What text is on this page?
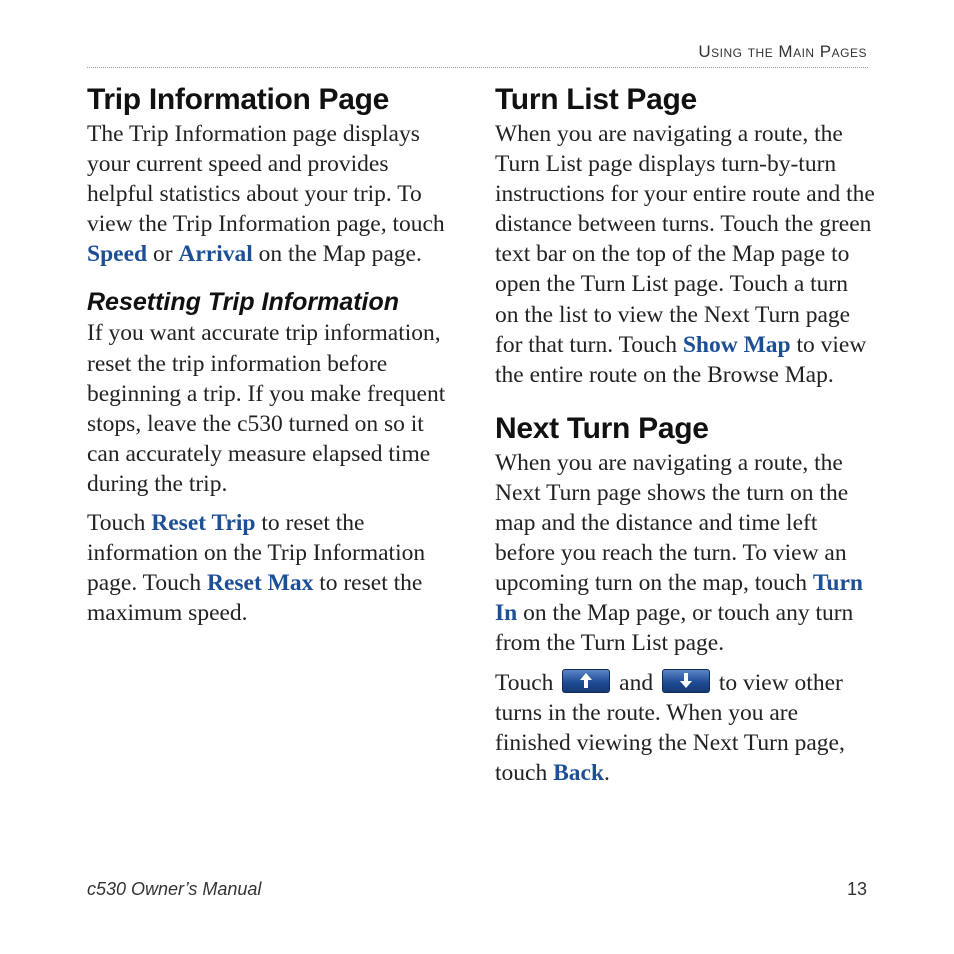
Using the Main Pages
Trip Information Page

The Trip Information page displays your current speed and provides helpful statistics about your trip. To view the Trip Information page, touch Speed or Arrival on the Map page.

Resetting Trip Information

If you want accurate trip information, reset the trip information before beginning a trip. If you make frequent stops, leave the c530 turned on so it can accurately measure elapsed time during the trip.

Touch Reset Trip to reset the information on the Trip Information page. Touch Reset Max to reset the maximum speed.

Turn List Page

When you are navigating a route, the Turn List page displays turn-by-turn instructions for your entire route and the distance between turns. Touch the green text bar on the top of the Map page to open the Turn List page. Touch a turn on the list to view the Next Turn page for that turn. Touch Show Map to view the entire route on the Browse Map.

Next Turn Page

When you are navigating a route, the Next Turn page shows the turn on the map and the distance and time left before you reach the turn. To view an upcoming turn on the map, touch Turn In on the Map page, or touch any turn from the Turn List page.

Touch
and
to view other turns in the route. When you are finished viewing the Next Turn page, touch Back.

c530 Owner’s Manual	13
